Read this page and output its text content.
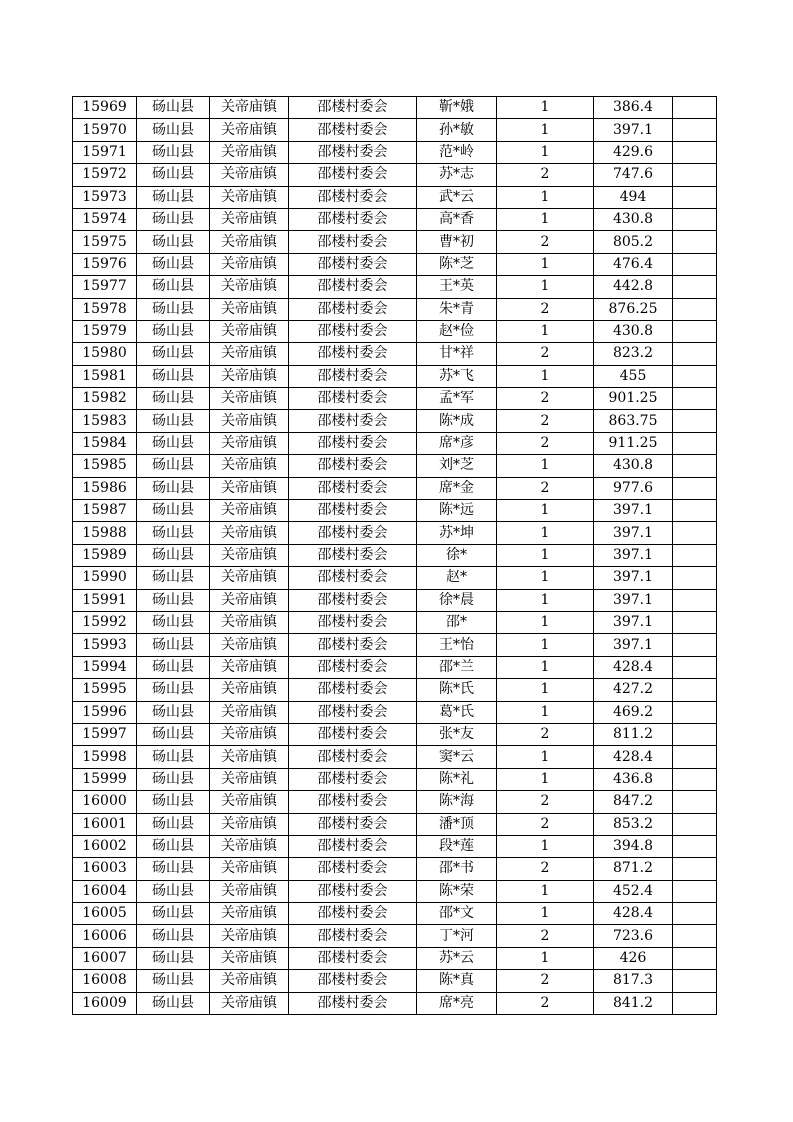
15969	砀山县	关帝庙镇	邵楼村委会	靳*娥	1	386.4	
15970	砀山县	关帝庙镇	邵楼村委会	孙*敏	1	397.1	
15971	砀山县	关帝庙镇	邵楼村委会	范*岭	1	429.6	
15972	砀山县	关帝庙镇	邵楼村委会	苏*志	2	747.6	
15973	砀山县	关帝庙镇	邵楼村委会	武*云	1	494	
15974	砀山县	关帝庙镇	邵楼村委会	高*香	1	430.8	
15975	砀山县	关帝庙镇	邵楼村委会	曹*初	2	805.2	
15976	砀山县	关帝庙镇	邵楼村委会	陈*芝	1	476.4	
15977	砀山县	关帝庙镇	邵楼村委会	王*英	1	442.8	
15978	砀山县	关帝庙镇	邵楼村委会	朱*青	2	876.25	
15979	砀山县	关帝庙镇	邵楼村委会	赵*俭	1	430.8	
15980	砀山县	关帝庙镇	邵楼村委会	甘*祥	2	823.2	
15981	砀山县	关帝庙镇	邵楼村委会	苏*飞	1	455	
15982	砀山县	关帝庙镇	邵楼村委会	孟*军	2	901.25	
15983	砀山县	关帝庙镇	邵楼村委会	陈*成	2	863.75	
15984	砀山县	关帝庙镇	邵楼村委会	席*彦	2	911.25	
15985	砀山县	关帝庙镇	邵楼村委会	刘*芝	1	430.8	
15986	砀山县	关帝庙镇	邵楼村委会	席*金	2	977.6	
15987	砀山县	关帝庙镇	邵楼村委会	陈*远	1	397.1	
15988	砀山县	关帝庙镇	邵楼村委会	苏*坤	1	397.1	
15989	砀山县	关帝庙镇	邵楼村委会	徐*	1	397.1	
15990	砀山县	关帝庙镇	邵楼村委会	赵*	1	397.1	
15991	砀山县	关帝庙镇	邵楼村委会	徐*晨	1	397.1	
15992	砀山县	关帝庙镇	邵楼村委会	邵*	1	397.1	
15993	砀山县	关帝庙镇	邵楼村委会	王*怡	1	397.1	
15994	砀山县	关帝庙镇	邵楼村委会	邵*兰	1	428.4	
15995	砀山县	关帝庙镇	邵楼村委会	陈*氏	1	427.2	
15996	砀山县	关帝庙镇	邵楼村委会	葛*氏	1	469.2	
15997	砀山县	关帝庙镇	邵楼村委会	张*友	2	811.2	
15998	砀山县	关帝庙镇	邵楼村委会	窦*云	1	428.4	
15999	砀山县	关帝庙镇	邵楼村委会	陈*礼	1	436.8	
16000	砀山县	关帝庙镇	邵楼村委会	陈*海	2	847.2	
16001	砀山县	关帝庙镇	邵楼村委会	潘*顶	2	853.2	
16002	砀山县	关帝庙镇	邵楼村委会	段*莲	1	394.8	
16003	砀山县	关帝庙镇	邵楼村委会	邵*书	2	871.2	
16004	砀山县	关帝庙镇	邵楼村委会	陈*荣	1	452.4	
16005	砀山县	关帝庙镇	邵楼村委会	邵*文	1	428.4	
16006	砀山县	关帝庙镇	邵楼村委会	丁*河	2	723.6	
16007	砀山县	关帝庙镇	邵楼村委会	苏*云	1	426	
16008	砀山县	关帝庙镇	邵楼村委会	陈*真	2	817.3	
16009	砀山县	关帝庙镇	邵楼村委会	席*亮	2	841.2	
